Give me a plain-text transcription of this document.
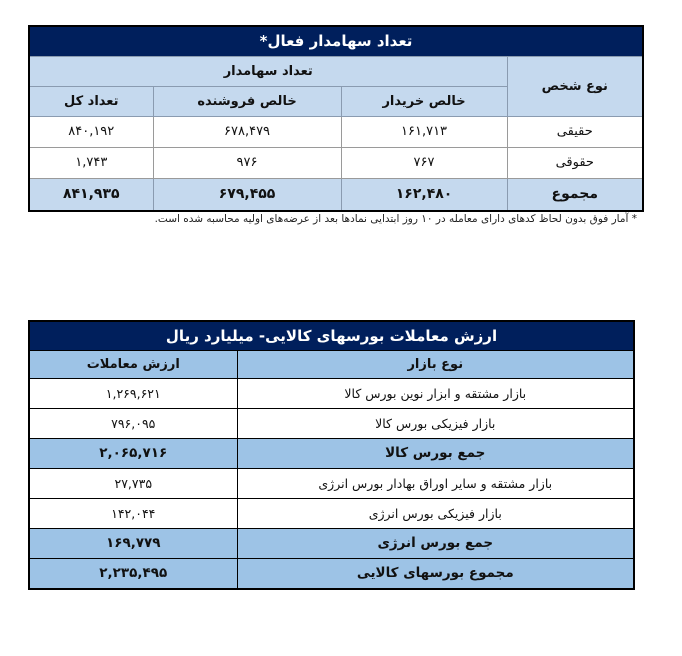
تعداد سهامدار فعال*			
نوع شخص	تعداد سهامدار		
	خالص خریدار	خالص فروشنده	تعداد کل
حقیقی	۱۶۱,۷۱۳	۶۷۸,۴۷۹	۸۴۰,۱۹۲
حقوقی	۷۶۷	۹۷۶	۱,۷۴۳
مجموع	۱۶۲,۴۸۰	۶۷۹,۴۵۵	۸۴۱,۹۳۵
* آمار فوق بدون لحاظ کدهای دارای معامله در ۱۰ روز ابتدایی نمادها بعد از عرضه‌های اولیه محاسبه شده است.
ارزش معاملات بورسهای کالایی- میلیارد ریال	
نوع بازار	ارزش معاملات
بازار مشتقه و ابزار نوین بورس کالا	۱,۲۶۹,۶۲۱
بازار فیزیکی بورس کالا	۷۹۶,۰۹۵
جمع بورس کالا	۲,۰۶۵,۷۱۶
بازار مشتقه و سایر اوراق بهادار بورس انرژی	۲۷,۷۳۵
بازار فیزیکی بورس انرژی	۱۴۲,۰۴۴
جمع بورس انرژی	۱۶۹,۷۷۹
مجموع بورسهای کالایی	۲,۲۳۵,۴۹۵
